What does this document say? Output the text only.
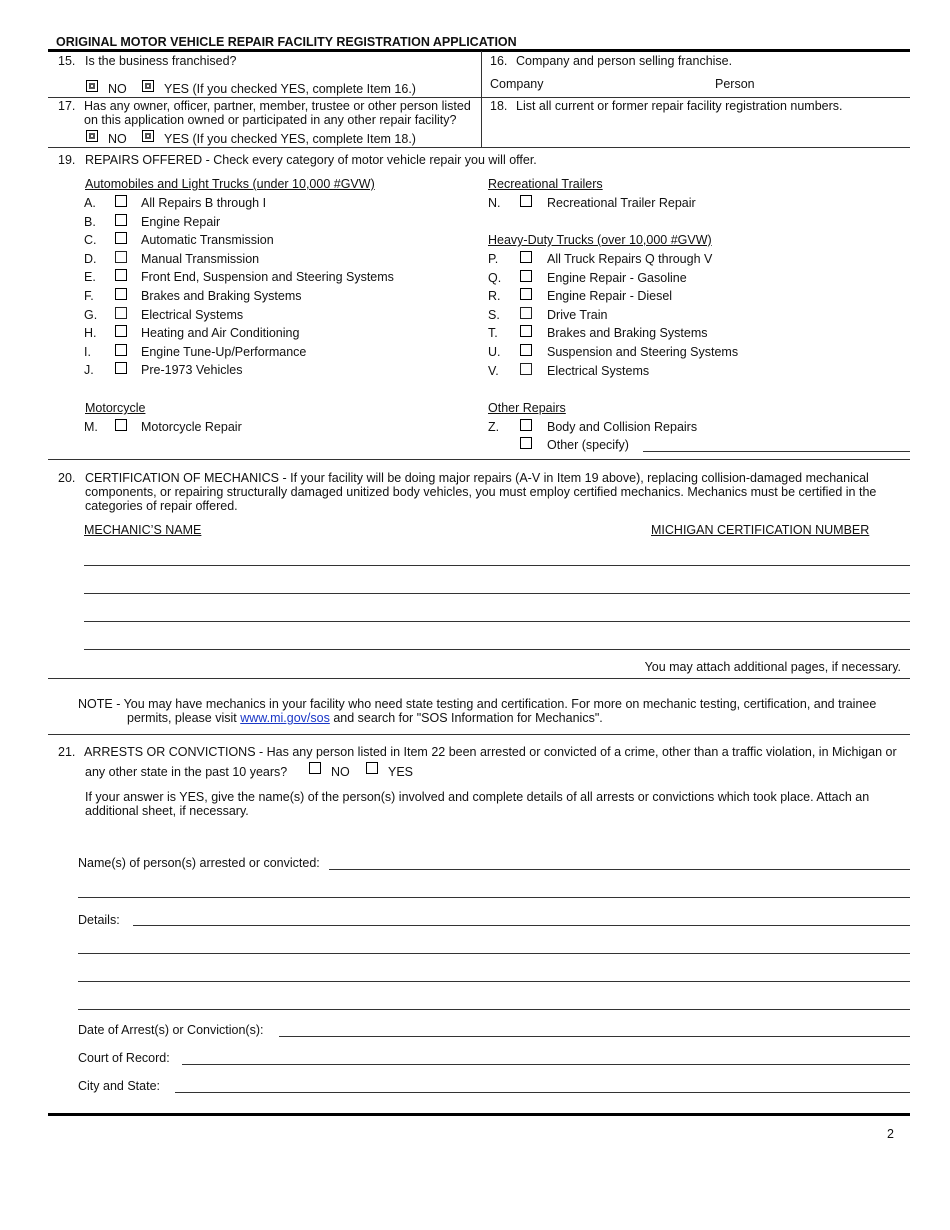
ORIGINAL MOTOR VEHICLE REPAIR FACILITY REGISTRATION APPLICATION
15. Is the business franchised?
NO	YES (If you checked YES, complete Item 16.)
16. Company and person selling franchise.
Company	Person
17. Has any owner, officer, partner, member, trustee or other person listed
on this application owned or participated in any other repair facility?
NO	YES (If you checked YES, complete Item 18.)
18. List all current or former repair facility registration numbers.
19. REPAIRS OFFERED - Check every category of motor vehicle repair you will offer.
Automobiles and Light Trucks (under 10,000 #GVW)
A.	All Repairs B through I
B.	Engine Repair
C.	Automatic Transmission
D.	Manual Transmission
E.	Front End, Suspension and Steering Systems
F.	Brakes and Braking Systems
G.	Electrical Systems
H.	Heating and Air Conditioning
I.	Engine Tune-Up/Performance
J.	Pre-1973 Vehicles
Motorcycle
M.	Motorcycle Repair
Recreational Trailers
N.	Recreational Trailer Repair
Heavy-Duty Trucks (over 10,000 #GVW)
P.	All Truck Repairs Q through V
Q.	Engine Repair - Gasoline
R.	Engine Repair - Diesel
S.	Drive Train
T.	Brakes and Braking Systems
U.	Suspension and Steering Systems
V.	Electrical Systems
Other Repairs
Z.	Body and Collision Repairs
Other (specify)
20. CERTIFICATION OF MECHANICS - If your facility will be doing major repairs (A-V in Item 19 above), replacing collision-damaged mechanical components, or repairing structurally damaged unitized body vehicles, you must employ certified mechanics. Mechanics must be certified in the categories of repair offered.
MECHANIC’S NAME	MICHIGAN CERTIFICATION NUMBER
You may attach additional pages, if necessary.
NOTE - You may have mechanics in your facility who need state testing and certification. For more on mechanic testing, certification, and trainee
permits, please visit www.mi.gov/sos and search for "SOS Information for Mechanics".
21. ARRESTS OR CONVICTIONS - Has any person listed in Item 22 been arrested or convicted of a crime, other than a traffic violation, in Michigan or
any other state in the past 10 years?	NO	YES
If your answer is YES, give the name(s) of the person(s) involved and complete details of all arrests or convictions which took place. Attach an additional sheet, if necessary.
Name(s) of person(s) arrested or convicted:
Details:
Date of Arrest(s) or Conviction(s):
Court of Record:
City and State:
2
